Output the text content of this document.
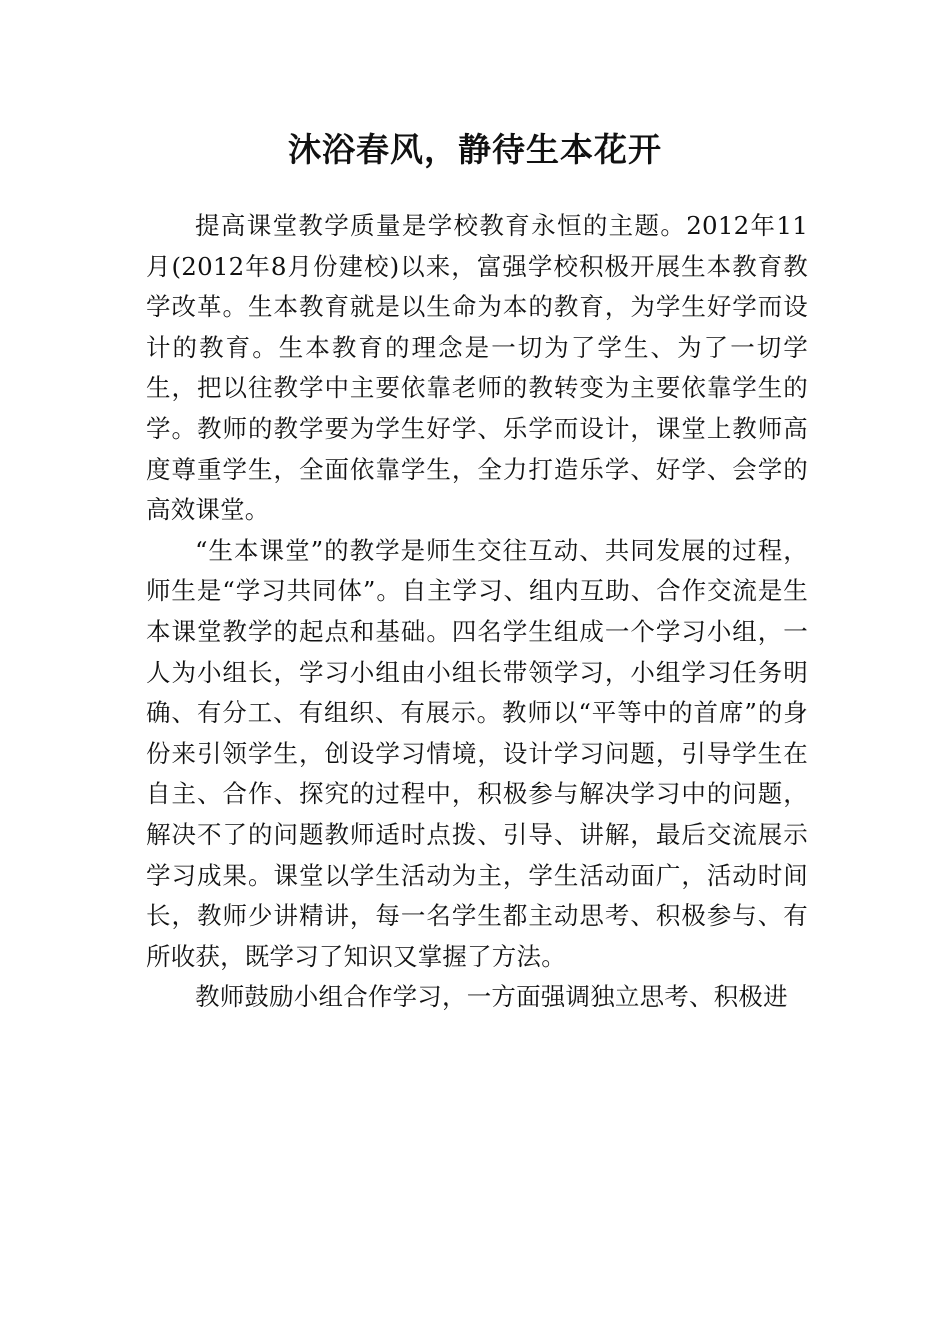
沐浴春风，静待生本花开

提高课堂教学质量是学校教育永恒的主题。2012年11月(2012年8月份建校)以来，富强学校积极开展生本教育教学改革。生本教育就是以生命为本的教育，为学生好学而设计的教育。生本教育的理念是一切为了学生、为了一切学生，把以往教学中主要依靠老师的教转变为主要依靠学生的学。教师的教学要为学生好学、乐学而设计，课堂上教师高度尊重学生，全面依靠学生，全力打造乐学、好学、会学的高效课堂。

“生本课堂”的教学是师生交往互动、共同发展的过程，师生是“学习共同体”。自主学习、组内互助、合作交流是生本课堂教学的起点和基础。四名学生组成一个学习小组，一人为小组长，学习小组由小组长带领学习，小组学习任务明确、有分工、有组织、有展示。教师以“平等中的首席”的身份来引领学生，创设学习情境，设计学习问题，引导学生在自主、合作、探究的过程中，积极参与解决学习中的问题，解决不了的问题教师适时点拨、引导、讲解，最后交流展示学习成果。课堂以学生活动为主，学生活动面广，活动时间长，教师少讲精讲，每一名学生都主动思考、积极参与、有所收获，既学习了知识又掌握了方法。

教师鼓励小组合作学习，一方面强调独立思考、积极进
